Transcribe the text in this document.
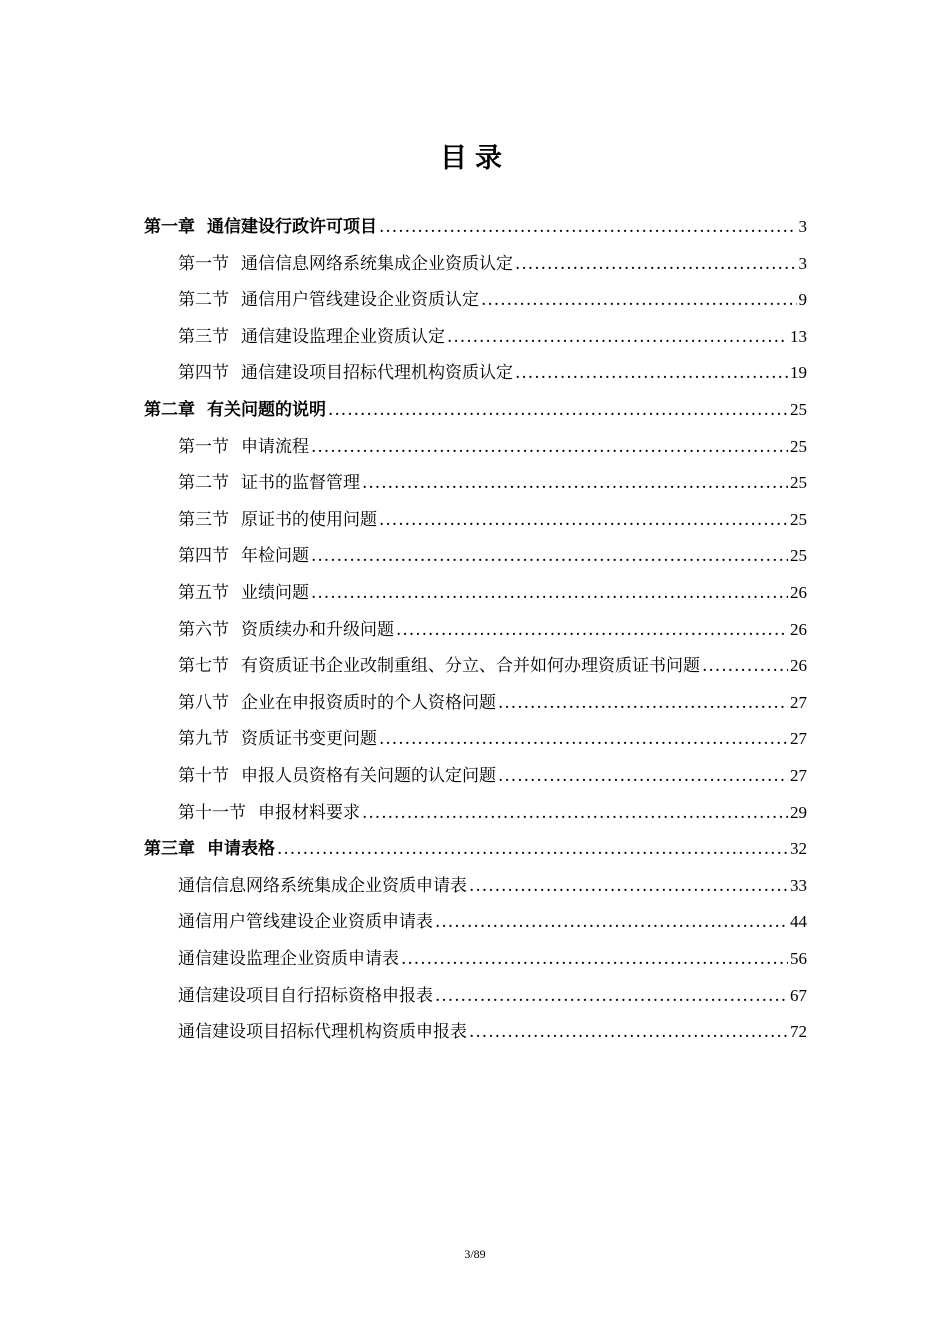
目录
第一章 通信建设行政许可项目 .....	3
第一节 通信信息网络系统集成企业资质认定 .....	3
第二节 通信用户管线建设企业资质认定 .....	9
第三节 通信建设监理企业资质认定 .....	13
第四节 通信建设项目招标代理机构资质认定 .....	19
第二章 有关问题的说明 .....	25
第一节 申请流程 .....	25
第二节 证书的监督管理 .....	25
第三节 原证书的使用问题 .....	25
第四节 年检问题 .....	25
第五节 业绩问题 .....	26
第六节 资质续办和升级问题 .....	26
第七节 有资质证书企业改制重组、分立、合并如何办理资质证书问题 .....	26
第八节 企业在申报资质时的个人资格问题 .....	27
第九节 资质证书变更问题 .....	27
第十节 申报人员资格有关问题的认定问题 .....	27
第十一节 申报材料要求 .....	29
第三章 申请表格 .....	32
通信信息网络系统集成企业资质申请表 .....	33
通信用户管线建设企业资质申请表 .....	44
通信建设监理企业资质申请表 .....	56
通信建设项目自行招标资格申报表 .....	67
通信建设项目招标代理机构资质申报表 .....	72
3/89
